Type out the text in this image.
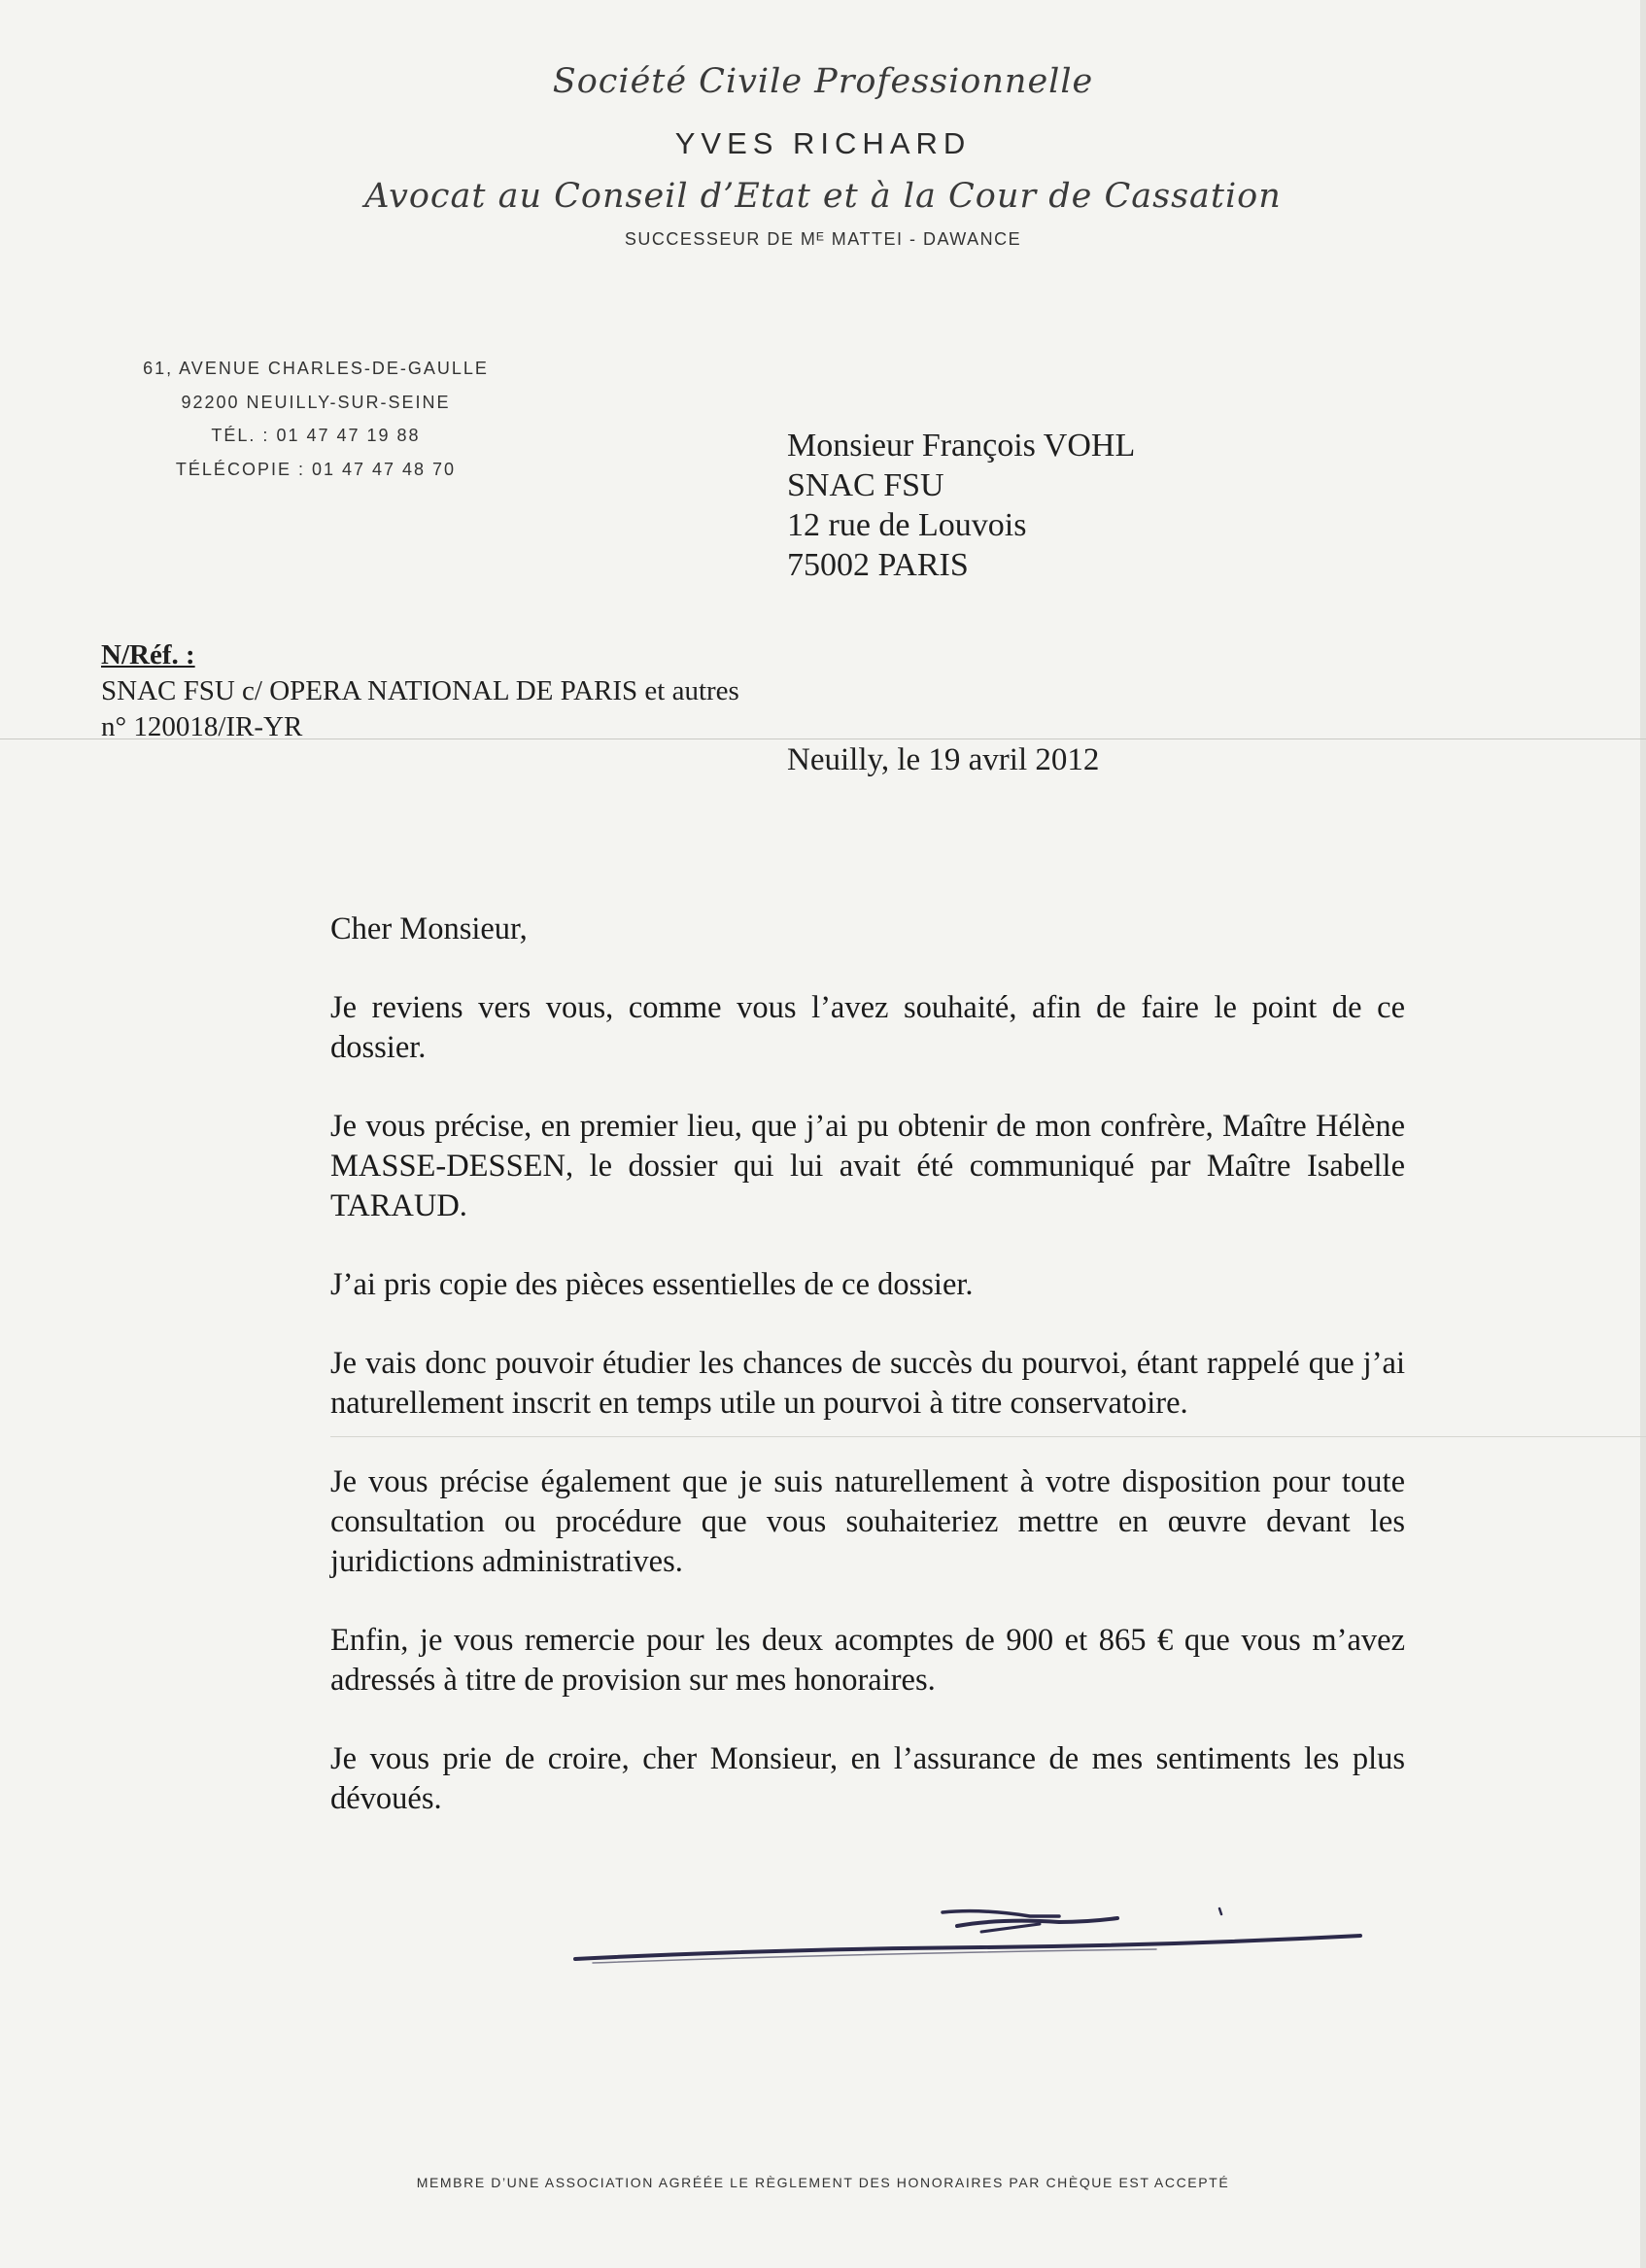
Société Civile Professionnelle
YVES RICHARD
Avocat au Conseil d’Etat et à la Cour de Cassation
SUCCESSEUR DE Mᴱ MATTEI - DAWANCE
61, AVENUE CHARLES-DE-GAULLE
92200 NEUILLY-SUR-SEINE
TÉL. : 01 47 47 19 88
TÉLÉCOPIE : 01 47 47 48 70
Monsieur François VOHL
SNAC FSU
12 rue de Louvois
75002 PARIS
N/Réf. :
SNAC FSU c/ OPERA NATIONAL DE PARIS et autres
n° 120018/IR-YR
Neuilly, le 19 avril 2012

Cher Monsieur,

Je reviens vers vous, comme vous l’avez souhaité, afin de faire le point de ce dossier.

Je vous précise, en premier lieu, que j’ai pu obtenir de mon confrère, Maître Hélène MASSE-DESSEN, le dossier qui lui avait été communiqué par Maître Isabelle TARAUD.

J’ai pris copie des pièces essentielles de ce dossier.

Je vais donc pouvoir étudier les chances de succès du pourvoi, étant rappelé que j’ai naturellement inscrit en temps utile un pourvoi à titre conservatoire.

Je vous précise également que je suis naturellement à votre disposition pour toute consultation ou procédure que vous souhaiteriez mettre en œuvre devant les juridictions administratives.

Enfin, je vous remercie pour les deux acomptes de 900 et 865 € que vous m’avez adressés à titre de provision sur mes honoraires.

Je vous prie de croire, cher Monsieur, en l’assurance de mes sentiments les plus dévoués.

MEMBRE D’UNE ASSOCIATION AGRÉÉE LE RÈGLEMENT DES HONORAIRES PAR CHÈQUE EST ACCEPTÉ
